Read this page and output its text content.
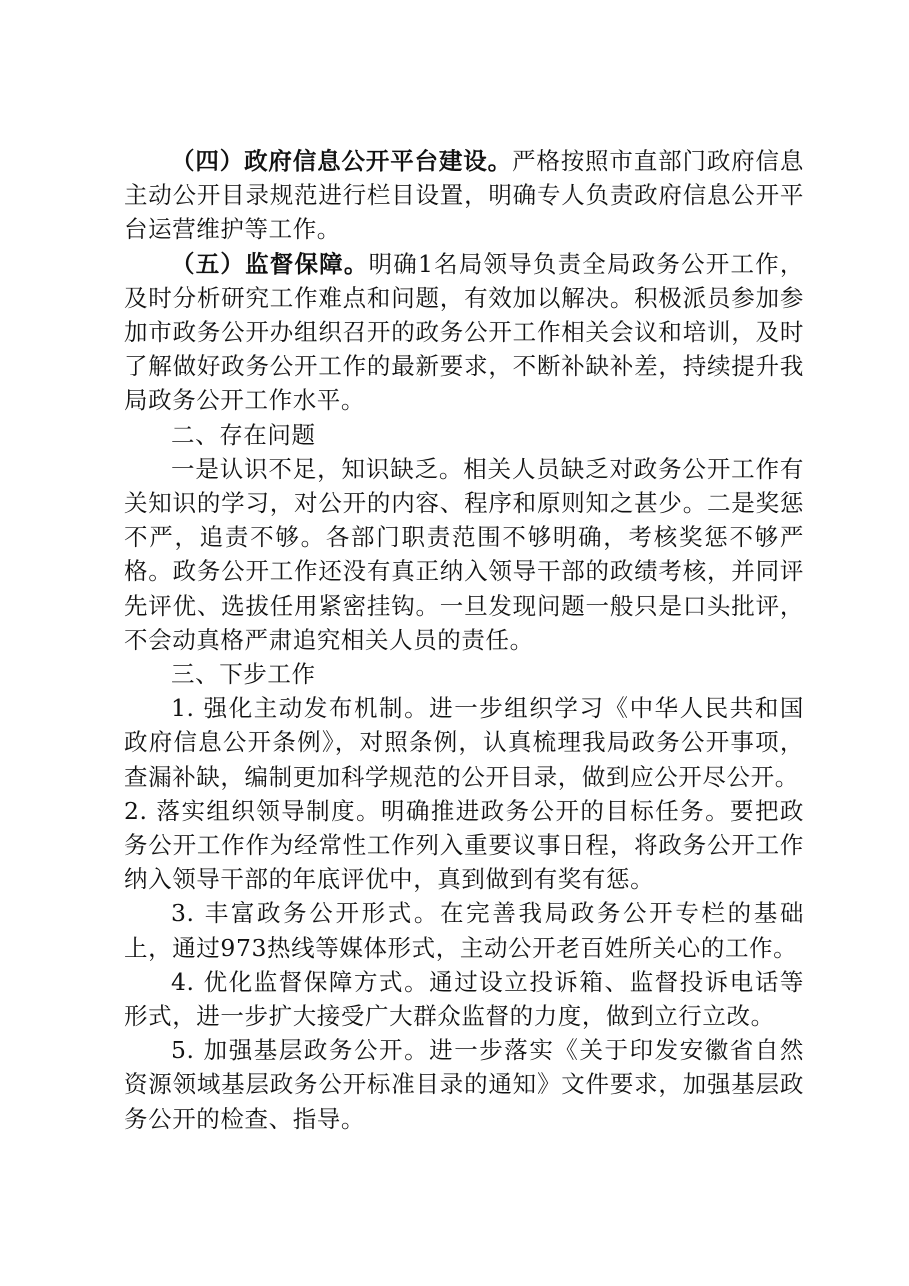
（四）政府信息公开平台建设。严格按照市直部门政府信息主动公开目录规范进行栏目设置，明确专人负责政府信息公开平台运营维护等工作。

（五）监督保障。明确1名局领导负责全局政务公开工作，及时分析研究工作难点和问题，有效加以解决。积极派员参加参加市政务公开办组织召开的政务公开工作相关会议和培训，及时了解做好政务公开工作的最新要求，不断补缺补差，持续提升我局政务公开工作水平。

二、存在问题

一是认识不足，知识缺乏。相关人员缺乏对政务公开工作有关知识的学习，对公开的内容、程序和原则知之甚少。二是奖惩不严，追责不够。各部门职责范围不够明确，考核奖惩不够严格。政务公开工作还没有真正纳入领导干部的政绩考核，并同评先评优、选拔任用紧密挂钩。一旦发现问题一般只是口头批评，不会动真格严肃追究相关人员的责任。

三、下步工作

1. 强化主动发布机制。进一步组织学习《中华人民共和国政府信息公开条例》，对照条例，认真梳理我局政务公开事项，查漏补缺，编制更加科学规范的公开目录，做到应公开尽公开。

2. 落实组织领导制度。明确推进政务公开的目标任务。要把政务公开工作作为经常性工作列入重要议事日程，将政务公开工作纳入领导干部的年底评优中，真到做到有奖有惩。

3. 丰富政务公开形式。在完善我局政务公开专栏的基础上，通过973热线等媒体形式，主动公开老百姓所关心的工作。

4. 优化监督保障方式。通过设立投诉箱、监督投诉电话等形式，进一步扩大接受广大群众监督的力度，做到立行立改。

5. 加强基层政务公开。进一步落实《关于印发安徽省自然资源领域基层政务公开标准目录的通知》文件要求，加强基层政务公开的检查、指导。
